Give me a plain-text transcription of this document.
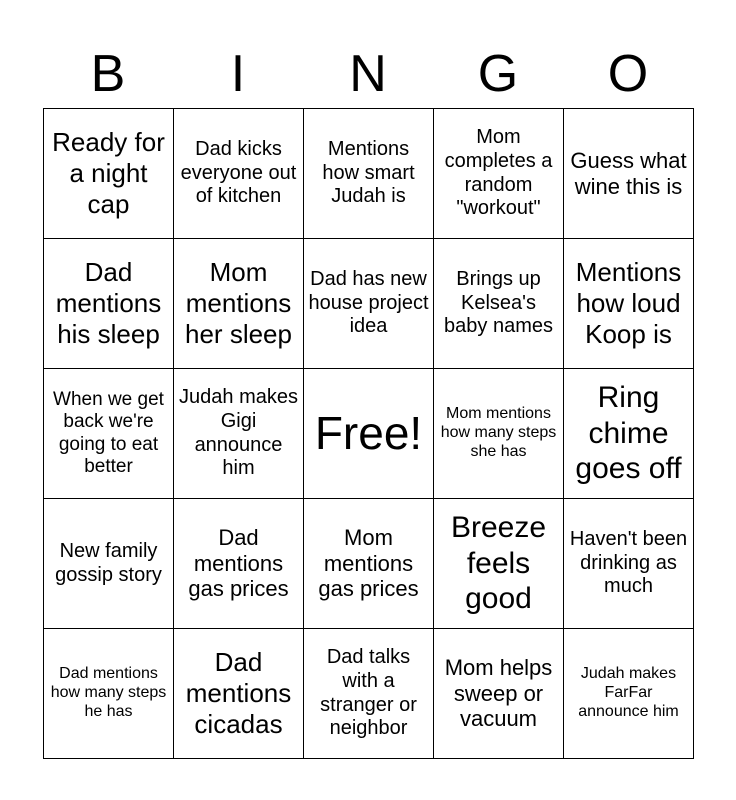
B	I	N	G	O
Ready for a night cap	Dad kicks everyone out of kitchen	Mentions how smart Judah is	Mom completes a random "workout"	Guess what wine this is
Dad mentions his sleep	Mom mentions her sleep	Dad has new house project idea	Brings up Kelsea's baby names	Mentions how loud Koop is
When we get back we're going to eat better	Judah makes Gigi announce him	Free!	Mom mentions how many steps she has	Ring chime goes off
New family gossip story	Dad mentions gas prices	Mom mentions gas prices	Breeze feels good	Haven't been drinking as much
Dad mentions how many steps he has	Dad mentions cicadas	Dad talks with a stranger or neighbor	Mom helps sweep or vacuum	Judah makes FarFar announce him
